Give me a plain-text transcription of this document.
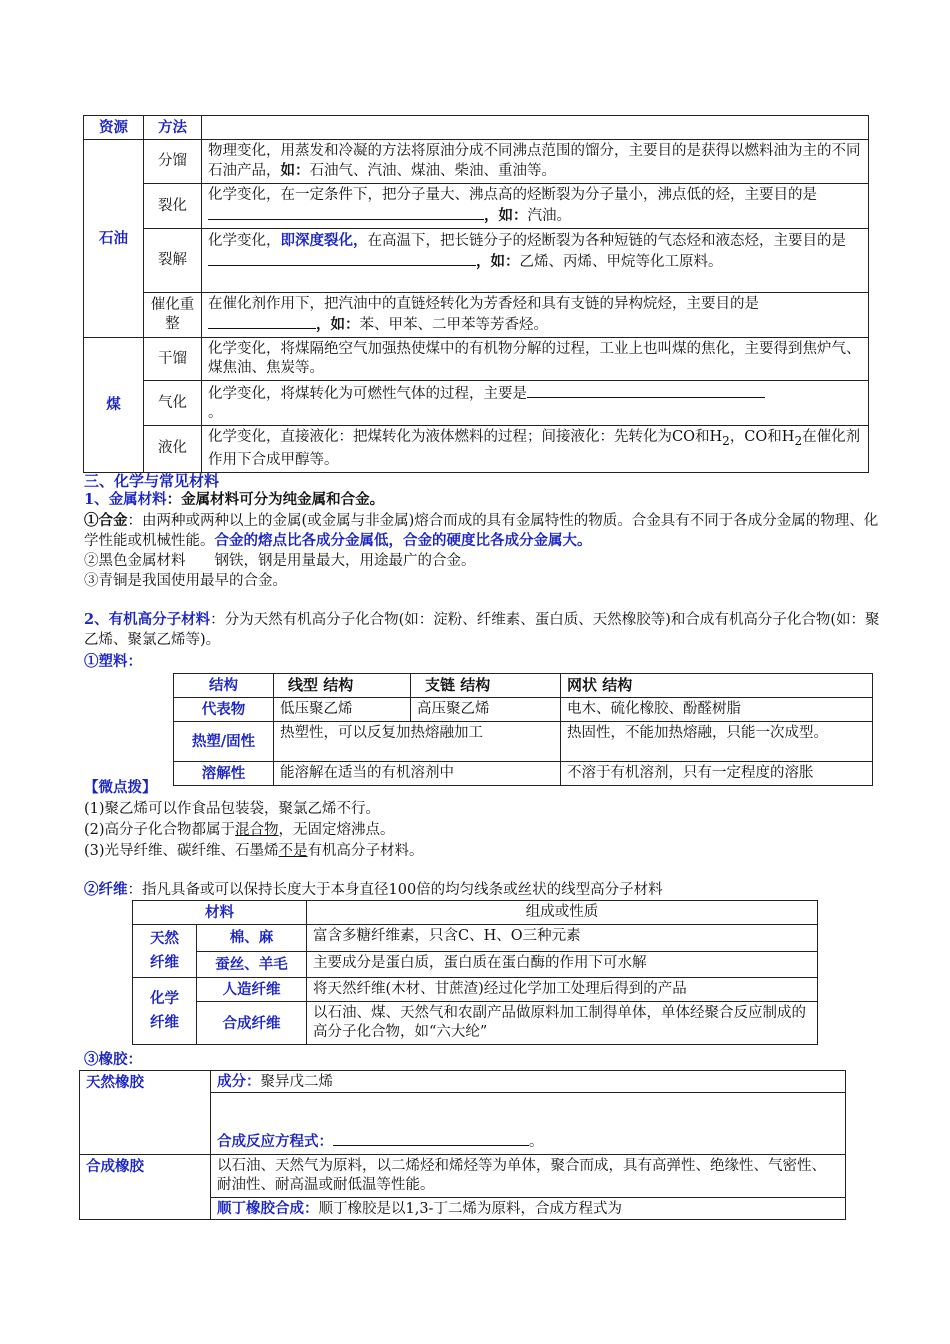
资源	方法	
石油	分馏	物理变化，用蒸发和冷凝的方法将原油分成不同沸点范围的馏分，主要目的是获得以燃料油为主的不同石油产品，如：石油气、汽油、煤油、柴油、重油等。
	裂化	化学变化，在一定条件下，把分子量大、沸点高的烃断裂为分子量小，沸点低的烃，主要目的是，如：汽油。
	裂解	化学变化，即深度裂化，在高温下，把长链分子的烃断裂为各种短链的气态烃和液态烃，主要目的是，如：乙烯、丙烯、甲烷等化工原料。
	催化重整	在催化剂作用下，把汽油中的直链烃转化为芳香烃和具有支链的异构烷烃，主要目的是，如：苯、甲苯、二甲苯等芳香烃。
煤	干馏	化学变化，将煤隔绝空气加强热使煤中的有机物分解的过程，工业上也叫煤的焦化，主要得到焦炉气、煤焦油、焦炭等。
	气化	化学变化，将煤转化为可燃性气体的过程，主要是
。
	液化	化学变化，直接液化：把煤转化为液体燃料的过程；间接液化：先转化为CO和$H_2$，CO和$H_2$在催化剂作用下合成甲醇等。
三、化学与常见材料
1、金属材料：金属材料可分为纯金属和合金。
①合金：由两种或两种以上的金属(或金属与非金属)熔合而成的具有金属特性的物质。合金具有不同于各成分金属的物理、化学性能或机械性能。合金的熔点比各成分金属低，合金的硬度比各成分金属大。
②黑色金属材料　　钢铁，钢是用量最大，用途最广的合金。
③青铜是我国使用最早的合金。
2、有机高分子材料：分为天然有机高分子化合物(如：淀粉、纤维素、蛋白质、天然橡胶等)和合成有机高分子化合物(如：聚乙烯、聚氯乙烯等)。
①塑料：
结构	线型 结构	支链 结构	网状 结构
代表物	低压聚乙烯	高压聚乙烯	电木、硫化橡胶、酚醛树脂
热塑/固性	热塑性，可以反复加热熔融加工		热固性，不能加热熔融，只能一次成型。
溶解性	能溶解在适当的有机溶剂中		不溶于有机溶剂，只有一定程度的溶胀
【微点拨】
(1)聚乙烯可以作食品包装袋，聚氯乙烯不行。
(2)高分子化合物都属于混合物，无固定熔沸点。
(3)光导纤维、碳纤维、石墨烯不是有机高分子材料。
②纤维：指凡具备或可以保持长度大于本身直径100倍的均匀线条或丝状的线型高分子材料
材料		组成或性质
天然纤维	棉、麻	富含多糖纤维素，只含C、H、O三种元素
	蚕丝、羊毛	主要成分是蛋白质，蛋白质在蛋白酶的作用下可水解
化学纤维	人造纤维	将天然纤维(木材、甘蔗渣)经过化学加工处理后得到的产品
	合成纤维	以石油、煤、天然气和农副产品做原料加工制得单体，单体经聚合反应制成的高分子化合物，如“六大纶”
③橡胶：
天然橡胶	成分：聚异戊二烯
合成反应方程式： 。

合成橡胶	以石油、天然气为原料，以二烯烃和烯烃等为单体，聚合而成，具有高弹性、绝缘性、气密性、耐油性、耐高温或耐低温等性能。
顺丁橡胶合成：顺丁橡胶是以1,3-丁二烯为原料，合成方程式为
